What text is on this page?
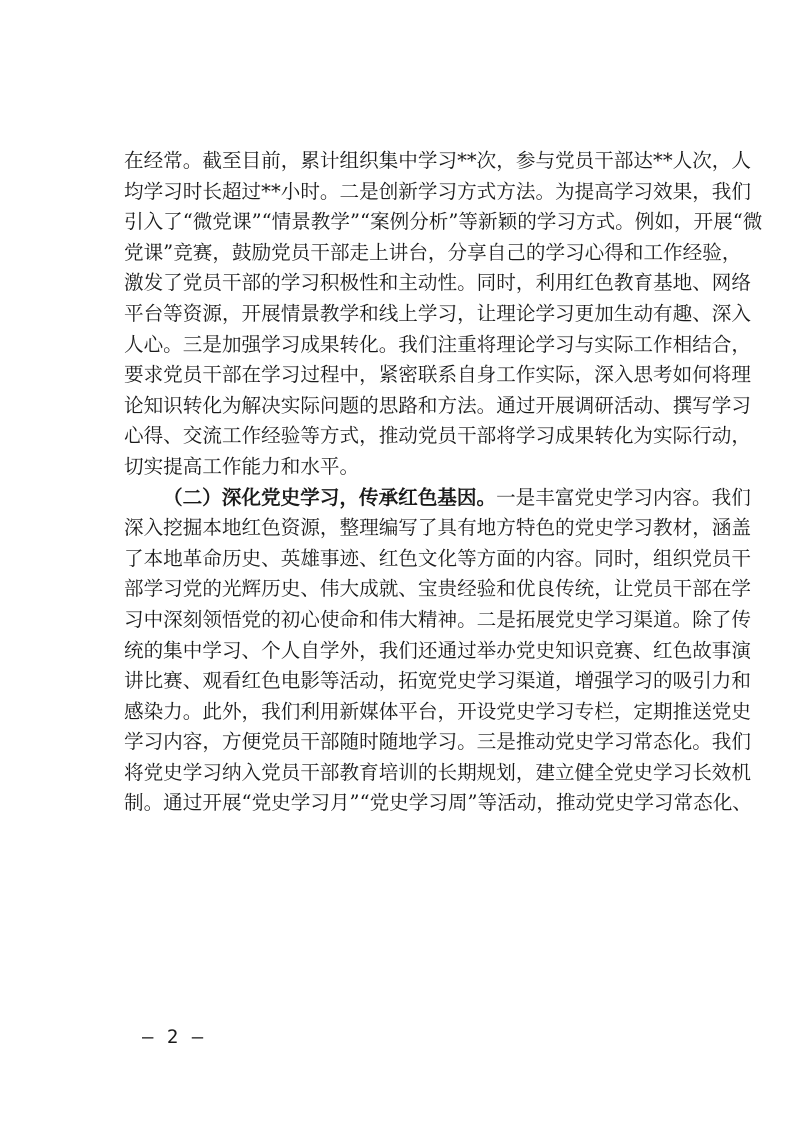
在经常。截至目前，累计组织集中学习**次，参与党员干部达**人次，人
均学习时长超过**小时。二是创新学习方式方法。为提高学习效果，我们
引入了“微党课”“情景教学”“案例分析”等新颖的学习方式。例如，开展“微
党课”竞赛，鼓励党员干部走上讲台，分享自己的学习心得和工作经验，
激发了党员干部的学习积极性和主动性。同时，利用红色教育基地、网络
平台等资源，开展情景教学和线上学习，让理论学习更加生动有趣、深入
人心。三是加强学习成果转化。我们注重将理论学习与实际工作相结合，
要求党员干部在学习过程中，紧密联系自身工作实际，深入思考如何将理
论知识转化为解决实际问题的思路和方法。通过开展调研活动、撰写学习
心得、交流工作经验等方式，推动党员干部将学习成果转化为实际行动，
切实提高工作能力和水平。
（二）深化党史学习，传承红色基因。一是丰富党史学习内容。我们
深入挖掘本地红色资源，整理编写了具有地方特色的党史学习教材，涵盖
了本地革命历史、英雄事迹、红色文化等方面的内容。同时，组织党员干
部学习党的光辉历史、伟大成就、宝贵经验和优良传统，让党员干部在学
习中深刻领悟党的初心使命和伟大精神。二是拓展党史学习渠道。除了传
统的集中学习、个人自学外，我们还通过举办党史知识竞赛、红色故事演
讲比赛、观看红色电影等活动，拓宽党史学习渠道，增强学习的吸引力和
感染力。此外，我们利用新媒体平台，开设党史学习专栏，定期推送党史
学习内容，方便党员干部随时随地学习。三是推动党史学习常态化。我们
将党史学习纳入党员干部教育培训的长期规划，建立健全党史学习长效机
制。通过开展“党史学习月”“党史学习周”等活动，推动党史学习常态化、
— 2 —
